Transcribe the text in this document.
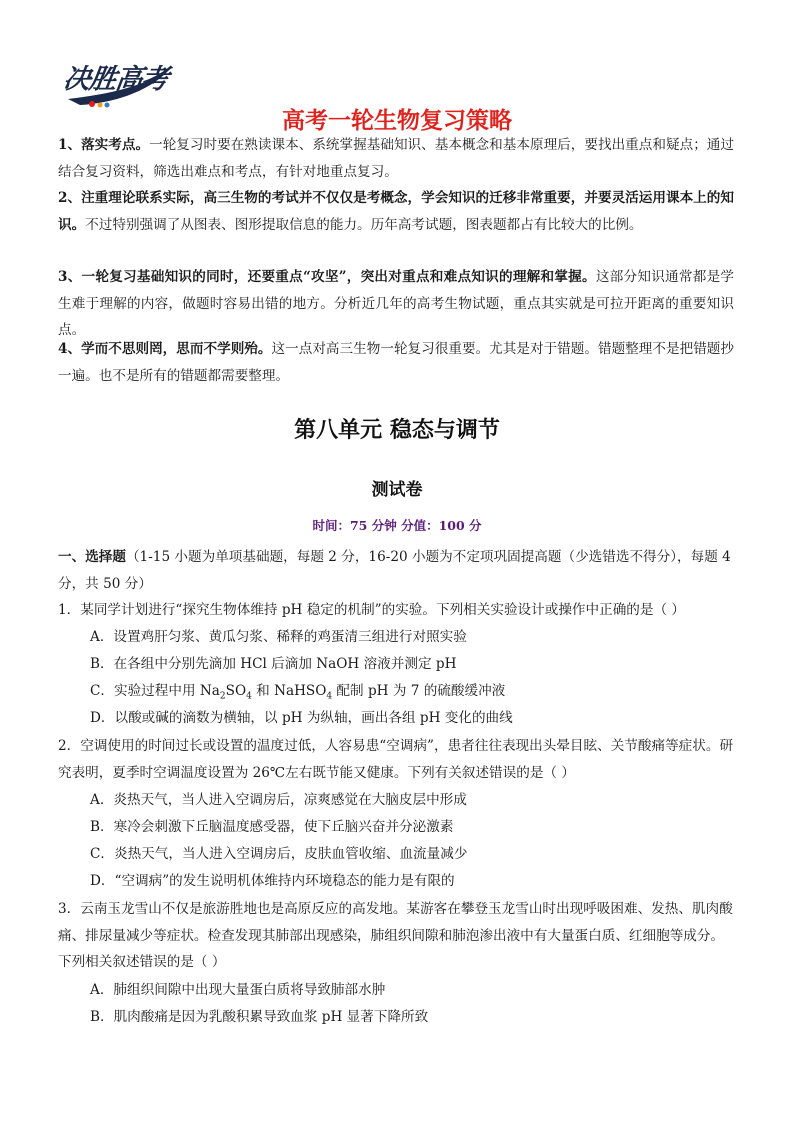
决胜高考
高考一轮生物复习策略
1、落实考点。一轮复习时要在熟读课本、系统掌握基础知识、基本概念和基本原理后，要找出重点和疑点；通过结合复习资料，筛选出难点和考点，有针对地重点复习。
2、注重理论联系实际，高三生物的考试并不仅仅是考概念，学会知识的迁移非常重要，并要灵活运用课本上的知识。不过特别强调了从图表、图形提取信息的能力。历年高考试题，图表题都占有比较大的比例。
3、一轮复习基础知识的同时，还要重点“攻坚”，突出对重点和难点知识的理解和掌握。这部分知识通常都是学生难于理解的内容，做题时容易出错的地方。分析近几年的高考生物试题，重点其实就是可拉开距离的重要知识点。
4、学而不思则罔，思而不学则殆。这一点对高三生物一轮复习很重要。尤其是对于错题。错题整理不是把错题抄一遍。也不是所有的错题都需要整理。
第八单元 稳态与调节
测试卷
时间：75 分钟 分值：100 分
一、选择题（1-15 小题为单项基础题，每题 2 分，16-20 小题为不定项巩固提高题（少选错选不得分），每题 4 分，共 50 分）
1．某同学计划进行“探究生物体维持 pH 稳定的机制”的实验。下列相关实验设计或操作中正确的是（ ）
A．设置鸡肝匀浆、黄瓜匀浆、稀释的鸡蛋清三组进行对照实验
B．在各组中分别先滴加 HCl 后滴加 NaOH 溶液并测定 pH
C．实验过程中用 $Na_2SO_4$ 和 NaHSO$_4$ 配制 pH 为 7 的硫酸缓冲液
D．以酸或碱的滴数为横轴，以 pH 为纵轴，画出各组 pH 变化的曲线
2．空调使用的时间过长或设置的温度过低，人容易患“空调病”，患者往往表现出头晕目眩、关节酸痛等症状。研究表明，夏季时空调温度设置为 26℃左右既节能又健康。下列有关叙述错误的是（ ）
A．炎热天气，当人进入空调房后，凉爽感觉在大脑皮层中形成
B．寒冷会刺激下丘脑温度感受器，使下丘脑兴奋并分泌激素
C．炎热天气，当人进入空调房后，皮肤血管收缩、血流量减少
D．“空调病”的发生说明机体维持内环境稳态的能力是有限的
3．云南玉龙雪山不仅是旅游胜地也是高原反应的高发地。某游客在攀登玉龙雪山时出现呼吸困难、发热、肌肉酸痛、排尿量减少等症状。检查发现其肺部出现感染，肺组织间隙和肺泡渗出液中有大量蛋白质、红细胞等成分。下列相关叙述错误的是（ ）
A．肺组织间隙中出现大量蛋白质将导致肺部水肿
B．肌肉酸痛是因为乳酸积累导致血浆 pH 显著下降所致
